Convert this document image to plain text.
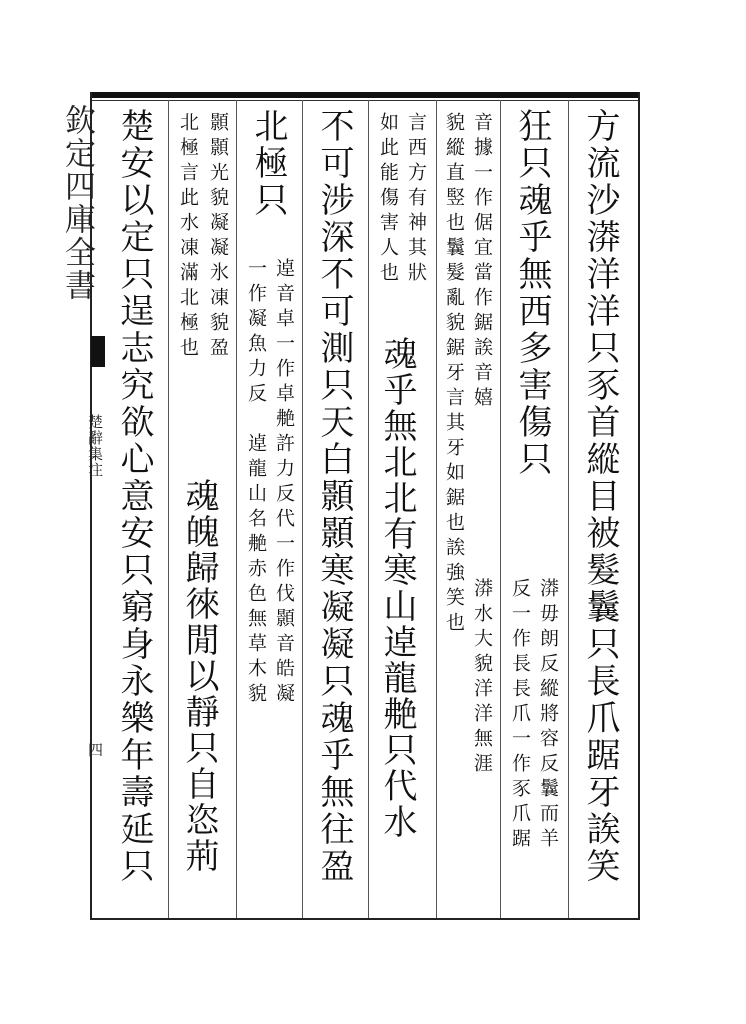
欽定四庫全書
楚辭集注
四	方流沙漭洋洋只豕首縱目被髮鬤只長爪踞牙誒笑
狂只魂乎無西多害傷只
漭毋朗反縱將容反鬤而羊
反一作長長爪一作豕爪踞
音據一作倨宜當作鋸誒音嬉
漭水大貌洋洋無涯
貌縱直竪也鬤髮亂貌鋸牙言其牙如鋸也誒強笑也
言西方有神其狀
如此能傷害人也
魂乎無北北有寒山逴龍艴只代水
不可涉深不可測只天白顥顥寒凝凝只魂乎無往盈
北極只
逴音卓一作卓艴許力反代一作伐顥音皓凝
一作凝魚力反　逴龍山名艴赤色無草木貌
顥顥光貌凝凝氷凍貌盈
北極言此水凍滿北極也
魂魄歸徠閒以靜只自恣荊
楚安以定只逞志究欲心意安只窮身永樂年壽延只
